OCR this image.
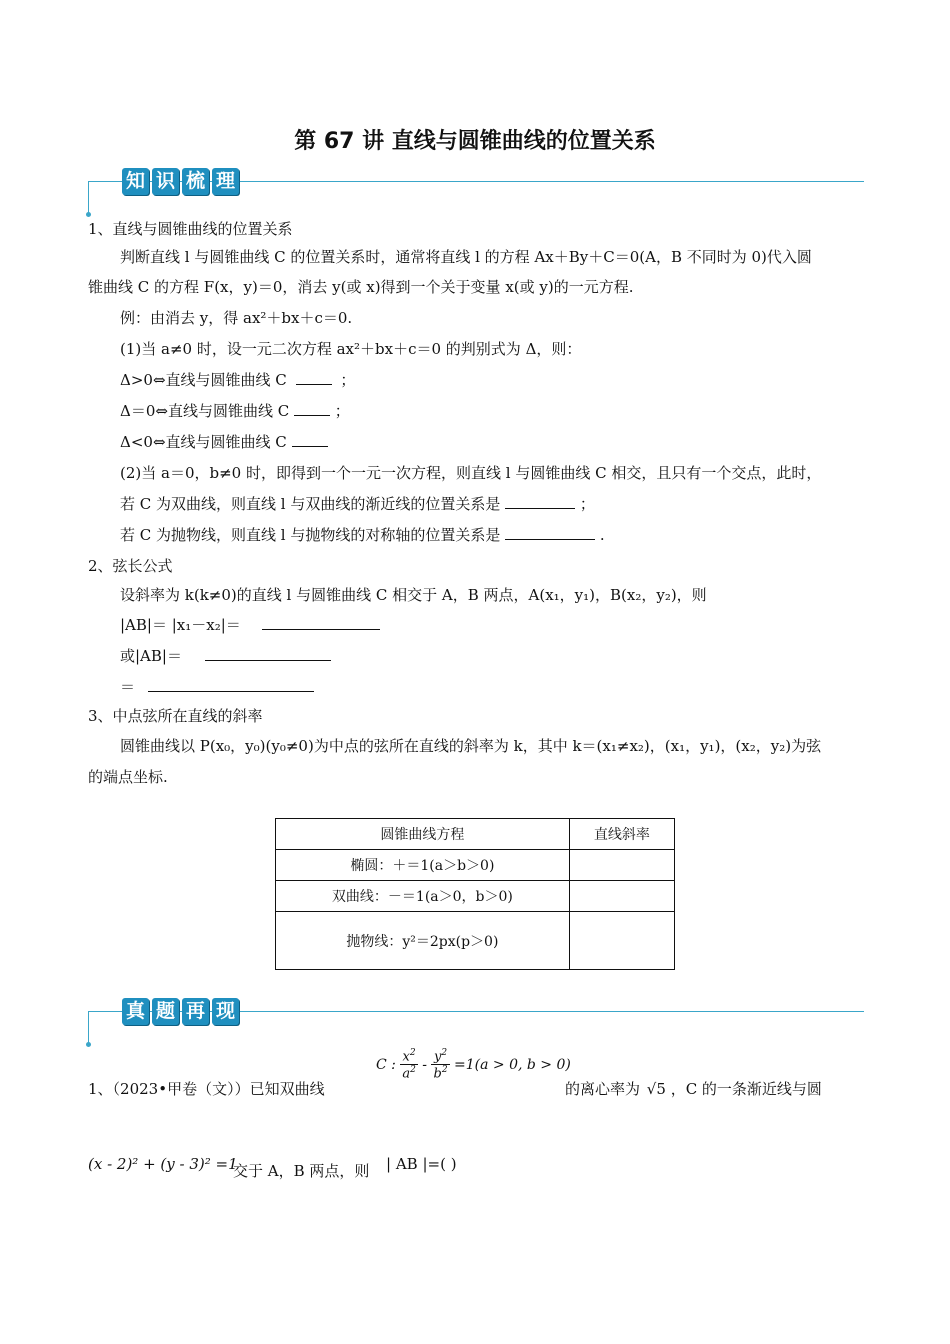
第 67 讲 直线与圆锥曲线的位置关系
知 识 梳 理
1、直线与圆锥曲线的位置关系
判断直线 l 与圆锥曲线 C 的位置关系时，通常将直线 l 的方程 Ax＋By＋C＝0(A，B 不同时为 0)代入圆
锥曲线 C 的方程 F(x，y)＝0，消去 y(或 x)得到一个关于变量 x(或 y)的一元方程.
例：由消去 y，得 ax²＋bx＋c＝0.
(1)当 a≠0 时，设一元二次方程 ax²＋bx＋c＝0 的判别式为 Δ，则：
Δ>0⇔直线与圆锥曲线 C	；
Δ＝0⇔直线与圆锥曲线 C	；
Δ<0⇔直线与圆锥曲线 C
(2)当 a＝0，b≠0 时，即得到一个一元一次方程，则直线 l 与圆锥曲线 C 相交，且只有一个交点，此时，
若 C 为双曲线，则直线 l 与双曲线的渐近线的位置关系是	；
若 C 为抛物线，则直线 l 与抛物线的对称轴的位置关系是	.
2、弦长公式
设斜率为 k(k≠0)的直线 l 与圆锥曲线 C 相交于 A，B 两点，A(x₁，y₁)，B(x₂，y₂)，则
|AB|＝ |x₁－x₂|＝
或|AB|＝
＝
3、中点弦所在直线的斜率
圆锥曲线以 P(x₀，y₀)(y₀≠0)为中点的弦所在直线的斜率为 k，其中 k＝(x₁≠x₂)，(x₁，y₁)，(x₂，y₂)为弦
的端点坐标.
圆锥曲线方程	直线斜率
椭圆：＋＝1(a＞b＞0)	
双曲线：－＝1(a＞0，b＞0)	
抛物线：y²＝2px(p＞0)	
真 题 再 现
1、（2023•甲卷（文））已知双曲线
C : $\frac{x^2}{a^2} - \frac{y^2}{b^2} =1(a > 0$, b > 0)
的离心率为 √5 ，C 的一条渐近线与圆
(x - 2)² + (y - 3)² =1
交于 A，B 两点，则 | AB |=( )
